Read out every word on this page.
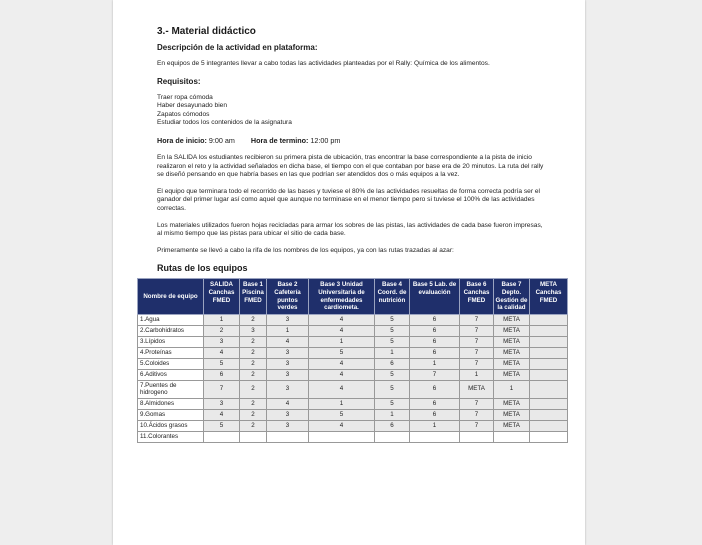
3.- Material didáctico
Descripción de la actividad en plataforma:
En equipos de 5 integrantes llevar a cabo todas las actividades planteadas por el Rally: Química de los alimentos.
Requisitos:
Traer ropa cómoda
Haber desayunado bien
Zapatos cómodos
Estudiar todos los contenidos de la asignatura
Hora de inicio: 9:00 am Hora de termino: 12:00 pm
En la SALIDA los estudiantes recibieron su primera pista de ubicación, tras encontrar la base correspondiente a la pista de inicio realizaron el reto y la actividad señalados en dicha base, el tiempo con el que contaban por base era de 20 minutos. La ruta del rally se diseñó pensando en que habría bases en las que podrían ser atendidos dos o más equipos a la vez.
El equipo que terminara todo el recorrido de las bases y tuviese el 80% de las actividades resueltas de forma correcta podría ser el ganador del primer lugar así como aquel que aunque no terminase en el menor tiempo pero si tuviese el 100% de las actividades correctas.
Los materiales utilizados fueron hojas recicladas para armar los sobres de las pistas, las actividades de cada base fueron impresas, al mismo tiempo que las pistas para ubicar el sitio de cada base.
Primeramente se llevó a cabo la rifa de los nombres de los equipos, ya con las rutas trazadas al azar:
Rutas de los equipos
Nombre de equipo	SALIDA Canchas FMED	Base 1 Piscina FMED	Base 2 Cafetería puntos verdes	Base 3 Unidad Universitaria de enfermedades cardiometa.	Base 4 Coord. de nutrición	Base 5 Lab. de evaluación	Base 6 Canchas FMED	Base 7 Depto. Gestión de la calidad	META Canchas FMED
1.Agua	1	2	3	4	5	6	7	META	
2.Carbohidratos	2	3	1	4	5	6	7	META	
3.Lípidos	3	2	4	1	5	6	7	META	
4.Proteínas	4	2	3	5	1	6	7	META	
5.Coloides	5	2	3	4	6	1	7	META	
6.Aditivos	6	2	3	4	5	7	1	META	
7.Puentes de hidrogeno	7	2	3	4	5	6	META	1	
8.Almidones	3	2	4	1	5	6	7	META	
9.Gomas	4	2	3	5	1	6	7	META	
10.Ácidos grasos	5	2	3	4	6	1	7	META	
11.Colorantes									
